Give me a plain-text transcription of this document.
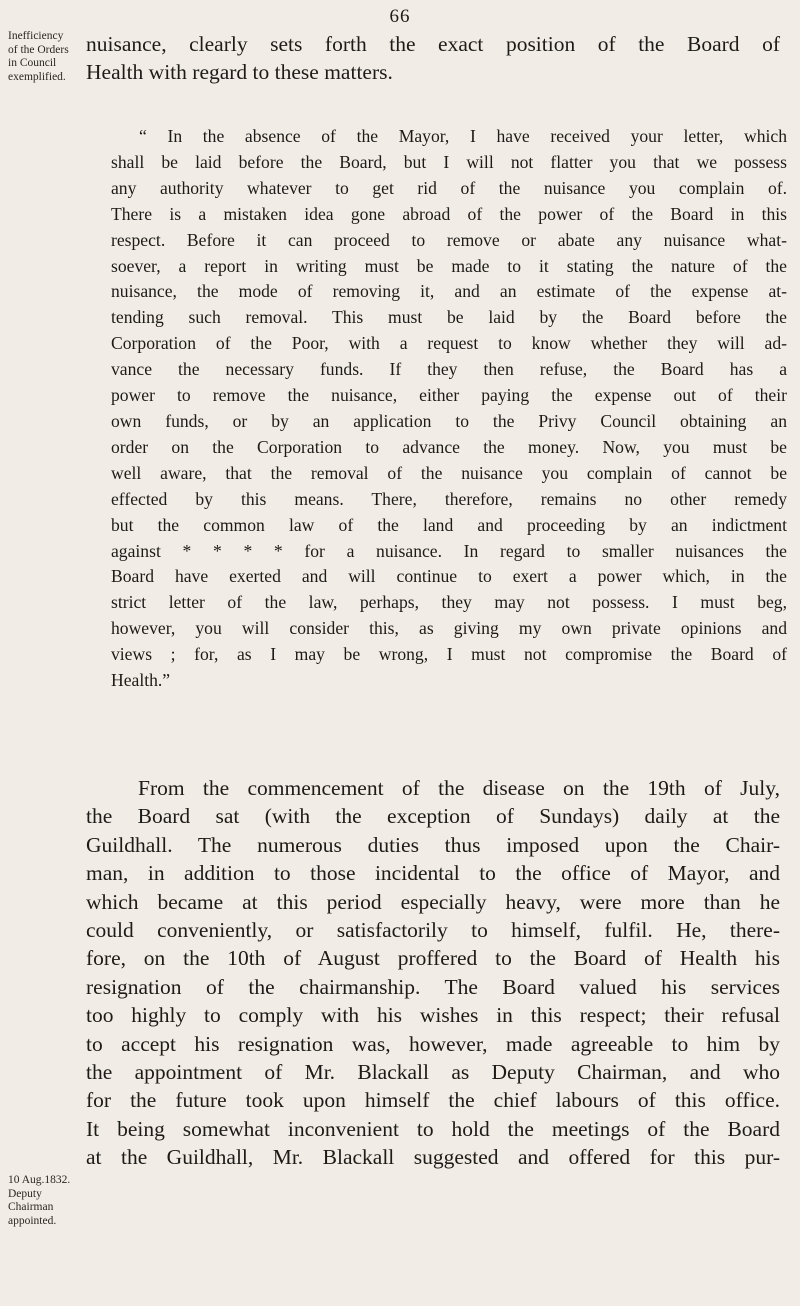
66
Inefficiency
of the Orders
in Council
exemplified.
10 Aug.1832.
Deputy
Chairman
appointed.
nuisance, clearly sets forth the exact position of the Board of
Health with regard to these matters.
“ In the absence of the Mayor, I have received your letter, which
shall be laid before the Board, but I will not flatter you that we possess
any authority whatever to get rid of the nuisance you complain of.
There is a mistaken idea gone abroad of the power of the Board in this
respect. Before it can proceed to remove or abate any nuisance what-
soever, a report in writing must be made to it stating the nature of the
nuisance, the mode of removing it, and an estimate of the expense at-
tending such removal. This must be laid by the Board before the
Corporation of the Poor, with a request to know whether they will ad-
vance the necessary funds. If they then refuse, the Board has a
power to remove the nuisance, either paying the expense out of their
own funds, or by an application to the Privy Council obtaining an
order on the Corporation to advance the money. Now, you must be
well aware, that the removal of the nuisance you complain of cannot be
effected by this means. There, therefore, remains no other remedy
but the common law of the land and proceeding by an indictment
against * * * * for a nuisance. In regard to smaller nuisances the
Board have exerted and will continue to exert a power which, in the
strict letter of the law, perhaps, they may not possess. I must beg,
however, you will consider this, as giving my own private opinions and
views ; for, as I may be wrong, I must not compromise the Board of
Health.”
From the commencement of the disease on the 19th of July,
the Board sat (with the exception of Sundays) daily at the
Guildhall. The numerous duties thus imposed upon the Chair-
man, in addition to those incidental to the office of Mayor, and
which became at this period especially heavy, were more than he
could conveniently, or satisfactorily to himself, fulfil. He, there-
fore, on the 10th of August proffered to the Board of Health his
resignation of the chairmanship. The Board valued his services
too highly to comply with his wishes in this respect; their refusal
to accept his resignation was, however, made agreeable to him by
the appointment of Mr. Blackall as Deputy Chairman, and who
for the future took upon himself the chief labours of this office.
It being somewhat inconvenient to hold the meetings of the Board
at the Guildhall, Mr. Blackall suggested and offered for this pur-
